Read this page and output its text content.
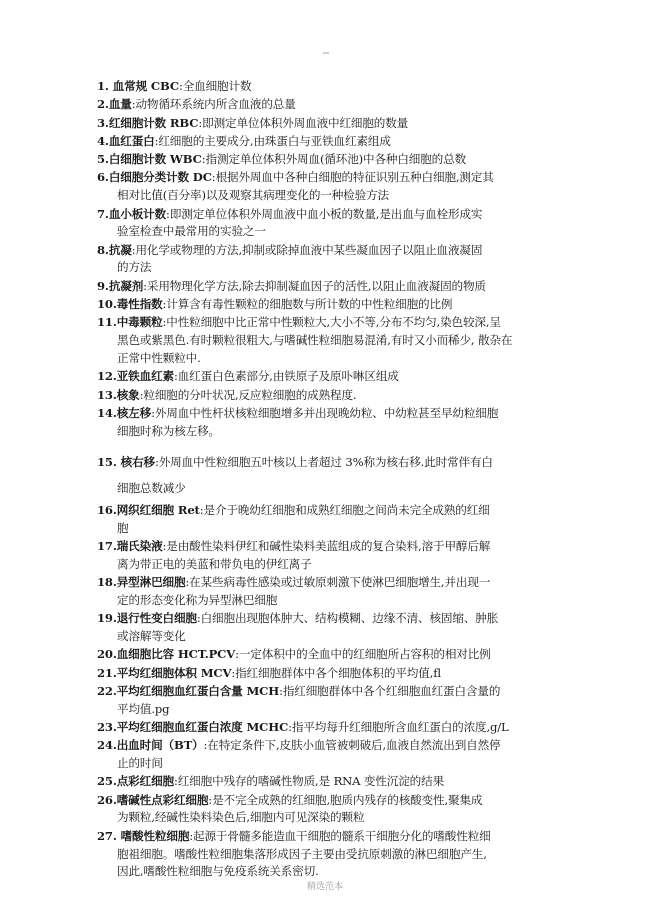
1. 血常规 CBC:全血细胞计数
2.血量:动物循环系统内所含血液的总量
3.红细胞计数 RBC:即测定单位体积外周血液中红细胞的数量
4.血红蛋白:红细胞的主要成分,由珠蛋白与亚铁血红素组成
5.白细胞计数 WBC:指测定单位体积外周血(循环池)中各种白细胞的总数
6.白细胞分类计数 DC:根据外周血中各种白细胞的特征识别五种白细胞,测定其
相对比值(百分率)以及观察其病理变化的一种检验方法
7.血小板计数:即测定单位体积外周血液中血小板的数量,是出血与血栓形成实
验室检查中最常用的实验之一
8.抗凝:用化学或物理的方法,抑制或除掉血液中某些凝血因子以阻止血液凝固
的方法
9.抗凝剂:采用物理化学方法,除去抑制凝血因子的活性,以阻止血液凝固的物质
10.毒性指数:计算含有毒性颗粒的细胞数与所计数的中性粒细胞的比例
11.中毒颗粒:中性粒细胞中比正常中性颗粒大,大小不等,分布不均匀,染色较深,呈
黑色或紫黑色.有时颗粒很粗大,与嗜碱性粒细胞易混淆,有时又小而稀少, 散杂在
正常中性颗粒中.
12.亚铁血红素:血红蛋白色素部分,由铁原子及原卟啉区组成
13.核象:粒细胞的分叶状况,反应粒细胞的成熟程度.
14.核左移:外周血中性杆状核粒细胞增多并出现晚幼粒、中幼粒甚至早幼粒细胞
细胞时称为核左移。
15. 核右移:外周血中性粒细胞五叶核以上者超过 3%称为核右移.此时常伴有白
细胞总数减少
16.网织红细胞 Ret:是介于晚幼红细胞和成熟红细胞之间尚未完全成熟的红细
胞
17.瑞氏染液:是由酸性染料伊红和碱性染料美蓝组成的复合染料,溶于甲醇后解
离为带正电的美蓝和带负电的伊红离子
18.异型淋巴细胞:在某些病毒性感染或过敏原刺激下使淋巴细胞增生,并出现一
定的形态变化称为异型淋巴细胞
19.退行性变白细胞:白细胞出现胞体肿大、结构模糊、边缘不清、核固缩、肿胀
或溶解等变化
20.血细胞比容 HCT.PCV:一定体积中的全血中的红细胞所占容积的相对比例
21.平均红细胞体积 MCV:指红细胞群体中各个细胞体积的平均值,fl
22.平均红细胞血红蛋白含量 MCH:指红细胞群体中各个红细胞血红蛋白含量的
平均值.pg
23.平均红细胞血红蛋白浓度 MCHC:指平均每升红细胞所含血红蛋白的浓度,g/L
24.出血时间（BT）:在特定条件下,皮肤小血管被刺破后,血液自然流出到自然停
止的时间
25.点彩红细胞:红细胞中残存的嗜碱性物质,是 RNA 变性沉淀的结果
26.嗜碱性点彩红细胞:是不完全成熟的红细胞,胞质内残存的核酸变性,聚集成
为颗粒,经碱性染料染色后,细胞内可见深染的颗粒
27. 嗜酸性粒细胞:起源于骨髓多能造血干细胞的髓系干细胞分化的嗜酸性粒细
胞祖细胞。嗜酸性粒细胞集落形成因子主要由受抗原刺激的淋巴细胞产生,
因此,嗜酸性粒细胞与免疫系统关系密切.
精选范本
